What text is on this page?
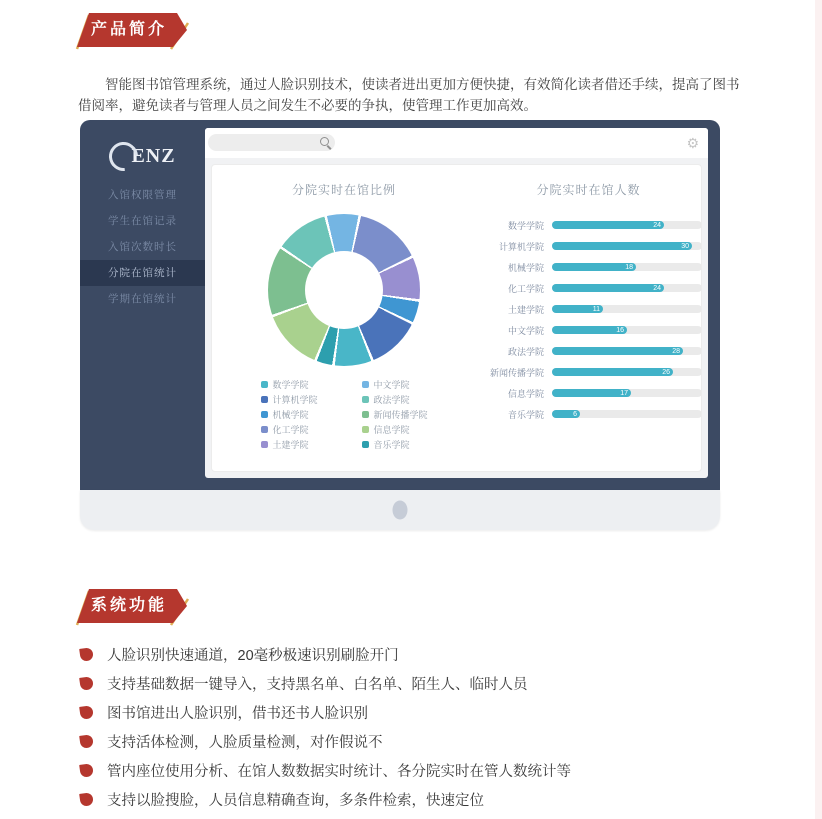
产品简介

智能图书馆管理系统，通过人脸识别技术，使读者进出更加方便快捷，有效简化读者借还手续，提高了图书借阅率，避免读者与管理人员之间发生不必要的争执，使管理工作更加高效。

ENZ
入馆权限管理
学生在馆记录
入馆次数时长
分院在馆统计
学期在馆统计
⚙
分院实时在馆比例
数学学院
计算机学院
机械学院
化工学院
土建学院
中文学院
政法学院
新闻传播学院
信息学院
音乐学院
分院实时在馆人数
数学学院	24
计算机学院	30
机械学院	18
化工学院	24
土建学院	11
中文学院	16
政法学院	28
新闻传播学院	26
信息学院	17
音乐学院	6
系统功能
人脸识别快速通道，20毫秒极速识别刷脸开门
支持基础数据一键导入，支持黑名单、白名单、陌生人、临时人员
图书馆进出人脸识别，借书还书人脸识别
支持活体检测，人脸质量检测，对作假说不
管内座位使用分析、在馆人数数据实时统计、各分院实时在管人数统计等
支持以脸搜脸，人员信息精确查询，多条件检索，快速定位
